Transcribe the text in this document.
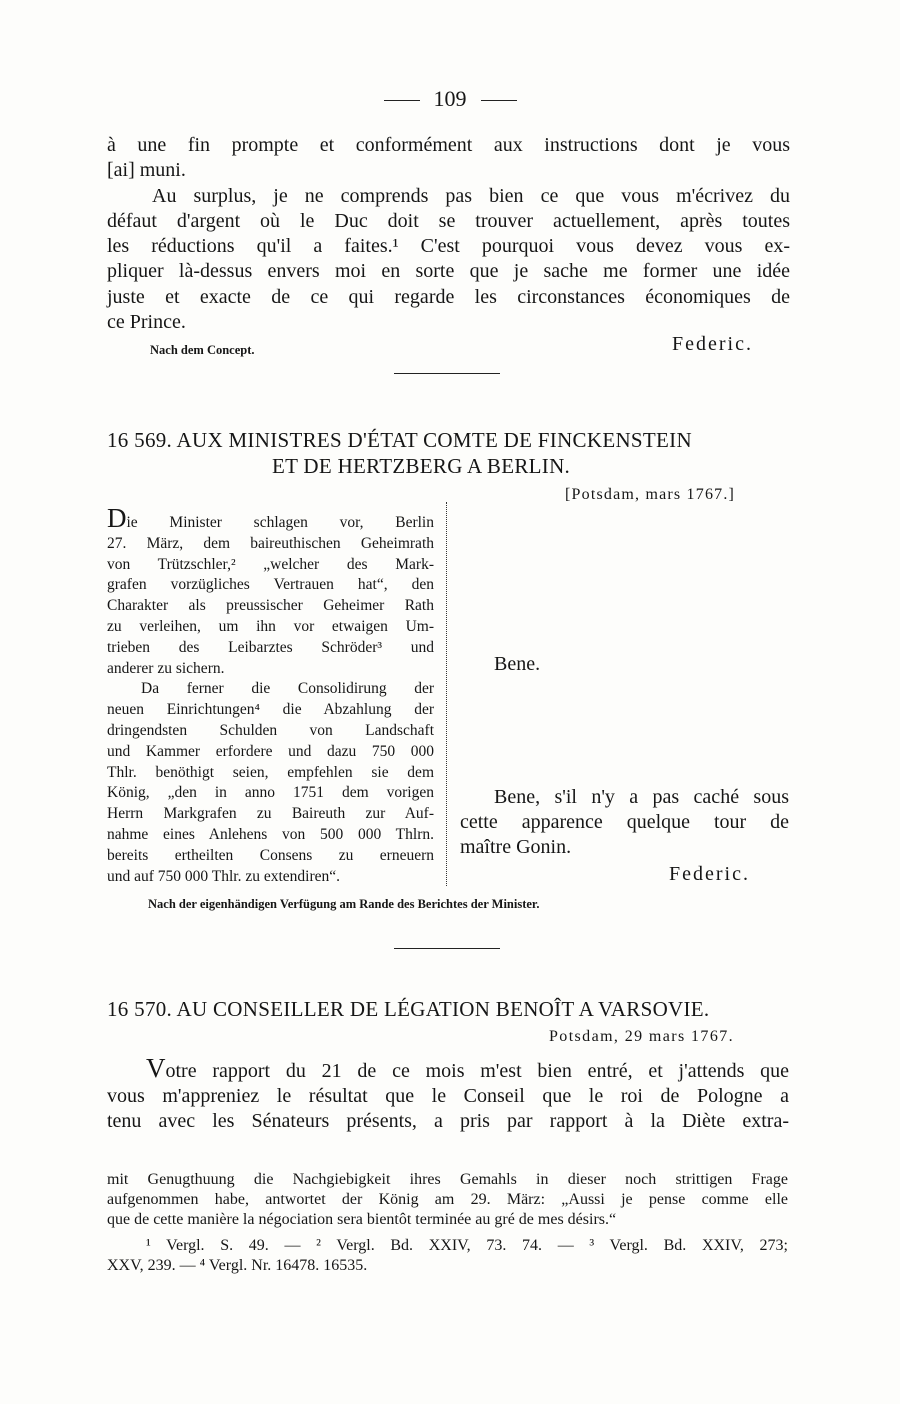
109
à une fin prompte et conformément aux instructions dont je vous
[ai] muni.
Au surplus, je ne comprends pas bien ce que vous m'écrivez du
défaut d'argent où le Duc doit se trouver actuellement, après toutes
les réductions qu'il a faites.¹ C'est pourquoi vous devez vous ex-
pliquer là-dessus envers moi en sorte que je sache me former une idée
juste et exacte de ce qui regarde les circonstances économiques de
ce Prince.
Nach dem Concept.	Federic.
16 569. AUX MINISTRES D'ÉTAT COMTE DE FINCKENSTEIN
ET DE HERTZBERG A BERLIN.
[Potsdam, mars 1767.]
Die Minister schlagen vor, Berlin
27. März, dem baireuthischen Geheimrath
von Trützschler,² „welcher des Mark-
grafen vorzügliches Vertrauen hat“, den
Charakter als preussischer Geheimer Rath
zu verleihen, um ihn vor etwaigen Um-
trieben des Leibarztes Schröder³ und
anderer zu sichern.
Da ferner die Consolidirung der
neuen Einrichtungen⁴ die Abzahlung der
dringendsten Schulden von Landschaft
und Kammer erfordere und dazu 750 000
Thlr. benöthigt seien, empfehlen sie dem
König, „den in anno 1751 dem vorigen
Herrn Markgrafen zu Baireuth zur Auf-
nahme eines Anlehens von 500 000 Thlrn.
bereits ertheilten Consens zu erneuern
und auf 750 000 Thlr. zu extendiren“.
Bene.
Bene, s'il n'y a pas caché sous
cette apparence quelque tour de
maître Gonin.
Federic.
Nach der eigenhändigen Verfügung am Rande des Berichtes der Minister.
16 570. AU CONSEILLER DE LÉGATION BENOÎT A VARSOVIE.
Potsdam, 29 mars 1767.
Votre rapport du 21 de ce mois m'est bien entré, et j'attends que
vous m'appreniez le résultat que le Conseil que le roi de Pologne a
tenu avec les Sénateurs présents, a pris par rapport à la Diète extra-
mit Genugthuung die Nachgiebigkeit ihres Gemahls in dieser noch strittigen Frage
aufgenommen habe, antwortet der König am 29. März: „Aussi je pense comme elle
que de cette manière la négociation sera bientôt terminée au gré de mes désirs.“
¹ Vergl. S. 49. — ² Vergl. Bd. XXIV, 73. 74. — ³ Vergl. Bd. XXIV, 273;
XXV, 239. — ⁴ Vergl. Nr. 16478. 16535.
